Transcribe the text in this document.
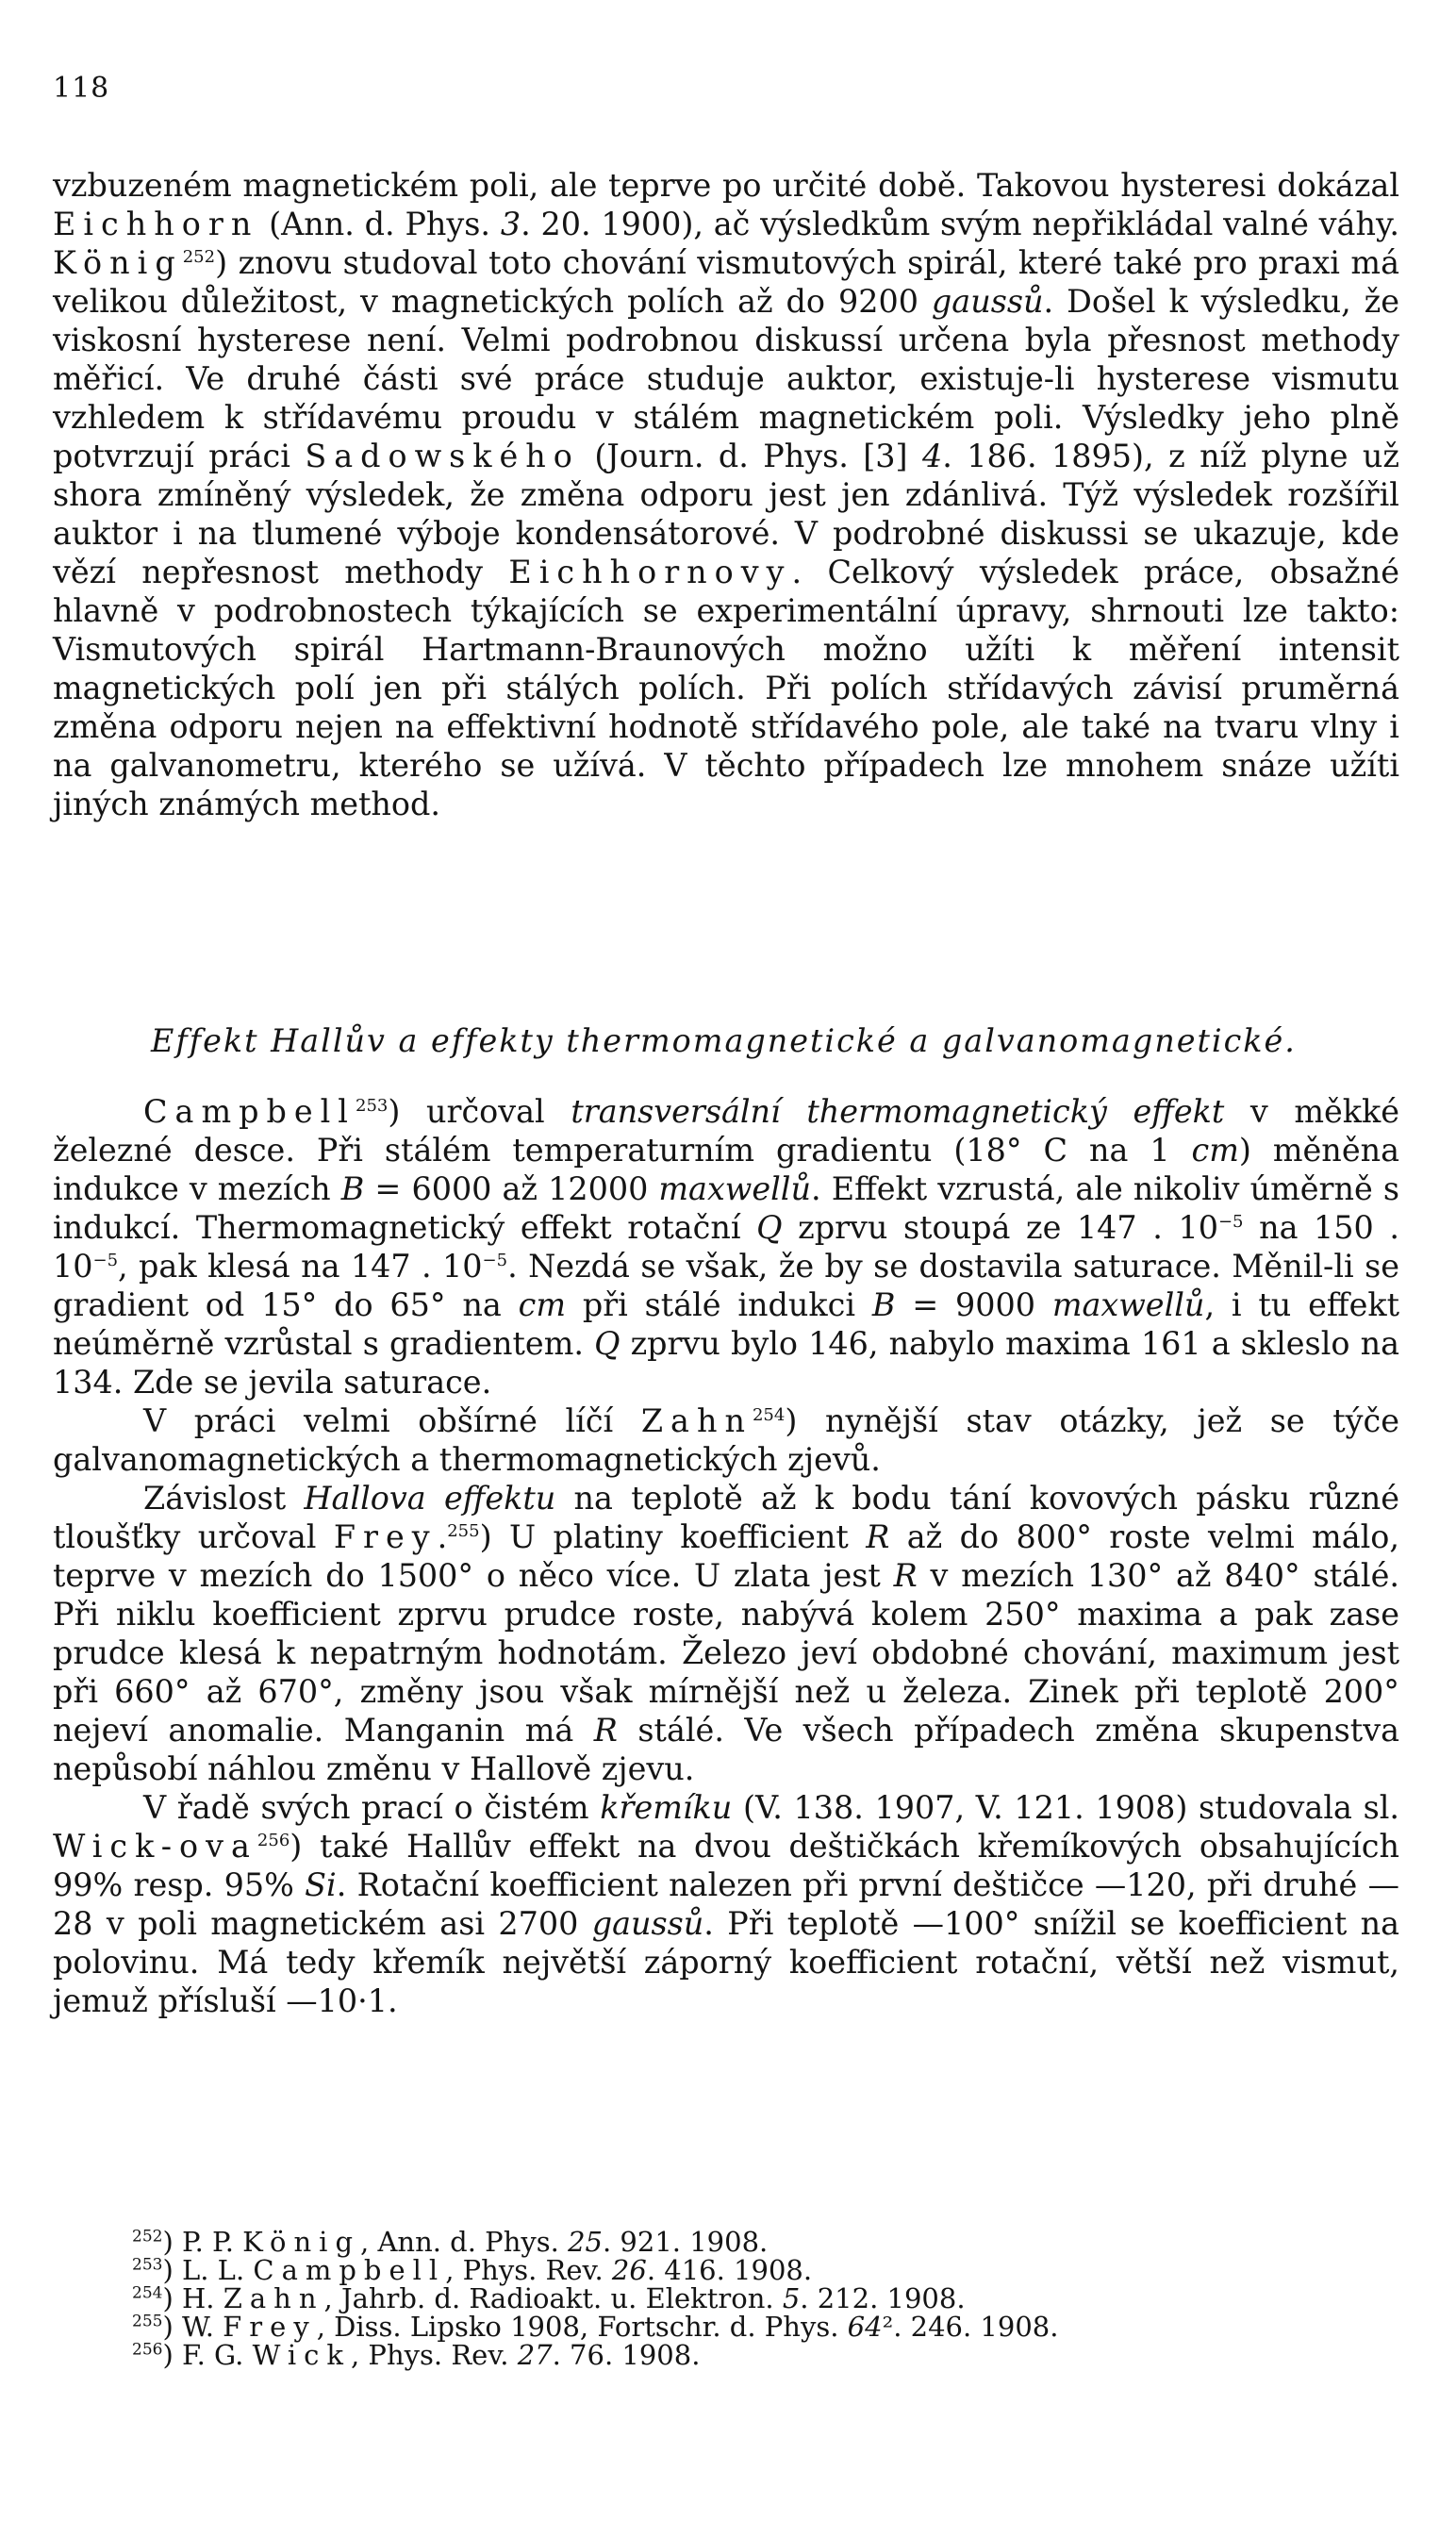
118

vzbuzeném magnetickém poli, ale teprve po určité době. Takovou hysteresi dokázal Eichhorn (Ann. d. Phys. 3. 20. 1900), ač výsledkům svým nepřikládal valné váhy. König$^{252}$) znovu studoval toto chování vismutových spirál, které také pro praxi má velikou důležitost, v magnetických polích až do 9200 gaussů. Došel k výsledku, že viskosní hysterese není. Velmi podrobnou diskussí určena byla přesnost methody měřicí. Ve druhé části své práce studuje auktor, existuje-li hysterese vismutu vzhledem k střídavému proudu v stálém magnetickém poli. Výsledky jeho plně potvrzují práci Sadowského (Journ. d. Phys. [3] 4. 186. 1895), z níž plyne už shora zmíněný výsledek, že změna odporu jest jen zdánlivá. Týž výsledek rozšířil auktor i na tlumené výboje kondensátorové. V podrobné diskussi se ukazuje, kde vězí nepřesnost methody Eichhornovy. Celkový výsledek práce, obsažné hlavně v podrobnostech týkajících se experimentální úpravy, shrnouti lze takto: Vismutových spirál Hartmann-Braunových možno užíti k měření intensit magnetických polí jen při stálých polích. Při polích střídavých závisí pruměrná změna odporu nejen na effektivní hodnotě střídavého pole, ale také na tvaru vlny i na galvanometru, kterého se užívá. V těchto případech lze mnohem snáze užíti jiných známých method.

Effekt Hallův a effekty thermomagnetické a galvanomagnetické.

Campbell$^{253}$) určoval transversální thermomagnetický effekt v měkké železné desce. Při stálém temperaturním gradientu (18° C na 1 cm) měněna indukce v mezích B = 6000 až 12000 maxwellů. Effekt vzrustá, ale nikoliv úměrně s indukcí. Thermomagnetický effekt rotační Q zprvu stoupá ze 147 . $10^{-5}$ na 150 . $10^{-5}$, pak klesá na 147 . $10^{-5}$. Nezdá se však, že by se dostavila saturace. Měnil-li se gradient od 15° do 65° na cm při stálé indukci B = 9000 maxwellů, i tu effekt neúměrně vzrůstal s gradientem. Q zprvu bylo 146, nabylo maxima 161 a skleslo na 134. Zde se jevila saturace.

V práci velmi obšírné líčí Zahn$^{254}$) nynější stav otázky, jež se týče galvanomagnetických a thermomagnetických zjevů.

Závislost Hallova effektu na teplotě až k bodu tání kovových pásku různé tloušťky určoval Frey.$^{255}$) U platiny koefficient R až do 800° roste velmi málo, teprve v mezích do 1500° o něco více. U zlata jest R v mezích 130° až 840° stálé. Při niklu koefficient zprvu prudce roste, nabývá kolem 250° maxima a pak zase prudce klesá k nepatrným hodnotám. Železo jeví obdobné chování, maximum jest při 660° až 670°, změny jsou však mírnější než u železa. Zinek při teplotě 200° nejeví anomalie. Manganin má R stálé. Ve všech případech změna skupenstva nepůsobí náhlou změnu v Hallově zjevu.

V řadě svých prací o čistém křemíku (V. 138. 1907, V. 121. 1908) studovala sl. Wick-ova$^{256}$) také Hallův effekt na dvou deštičkách křemíkových obsahujících 99% resp. 95% Si. Rotační koefficient nalezen při první deštičce —120, při druhé —28 v poli magnetickém asi 2700 gaussů. Při teplotě —100° snížil se koefficient na polovinu. Má tedy křemík největší záporný koefficient rotační, větší než vismut, jemuž přísluší —10·1.

$^{252}$) P. P. König, Ann. d. Phys. 25. 921. 1908.

$^{253}$) L. L. Campbell, Phys. Rev. 26. 416. 1908.

$^{254}$) H. Zahn, Jahrb. d. Radioakt. u. Elektron. 5. 212. 1908.

$^{255}$) W. Frey, Diss. Lipsko 1908, Fortschr. d. Phys. 64². 246. 1908.

$^{256}$) F. G. Wick, Phys. Rev. 27. 76. 1908.
